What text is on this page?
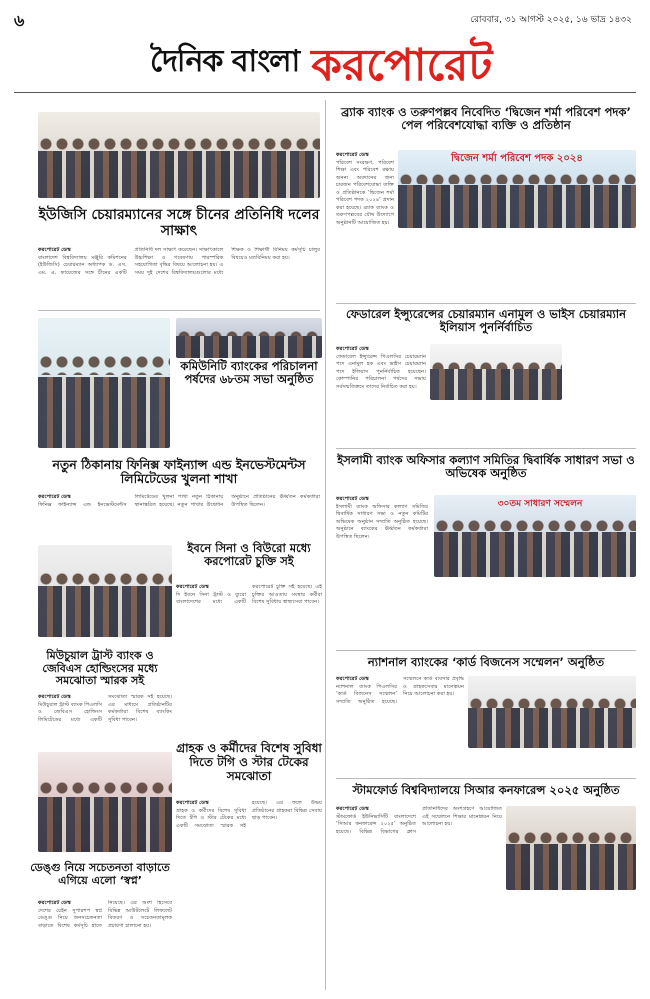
৬	রোববার, ৩১ আগস্ট ২০২৫, ১৬ ভাদ্র ১৪৩২
দৈনিক বাংলা করপোরেট
ইউজিসি চেয়ারম্যানের সঙ্গে চীনের প্রতিনিধি দলের সাক্ষাৎ
করপোরেট ডেস্ক
বাংলাদেশ বিশ্ববিদ্যালয় মঞ্জুরি কমিশনের (ইউজিসি) চেয়ারম্যান অধ্যাপক ড. এস. এম. এ. ফায়েজের সঙ্গে চীনের একটি প্রতিনিধি দল সাক্ষাৎ করেছেন। সাক্ষাৎকালে উচ্চশিক্ষা ও গবেষণায় পারস্পরিক সহযোগিতা বৃদ্ধির বিষয়ে আলোচনা হয়। এ সময় দুই দেশের বিশ্ববিদ্যালয়গুলোর মধ্যে শিক্ষক ও শিক্ষার্থী বিনিময় কর্মসূচি চালুর বিষয়েও মতবিনিময় করা হয়।
নতুন ঠিকানায় ফিনিক্স ফাইন্যান্স এন্ড ইনভেস্টমেন্টস লিমিটেডের খুলনা শাখা
করপোরেট ডেস্ক
ফিনিক্স ফাইন্যান্স এন্ড ইনভেস্টমেন্টস লিমিটেডের খুলনা শাখা নতুন ঠিকানায় স্থানান্তরিত হয়েছে। নতুন শাখার উদ্বোধন অনুষ্ঠানে প্রতিষ্ঠানের ঊর্ধ্বতন কর্মকর্তারা উপস্থিত ছিলেন।
কমিউনিটি ব্যাংকের পরিচালনা পর্ষদের ৬৮তম সভা অনুষ্ঠিত
ইবনে সিনা ও বিউরো মধ্যে করপোরেট চুক্তি সই
করপোরেট ডেস্ক
দি ইবনে সিনা ট্রাস্ট ও ব্যুরো বাংলাদেশের মধ্যে একটি করপোরেট চুক্তি সই হয়েছে। এই চুক্তির আওতায় সংস্থার কর্মীরা বিশেষ সুবিধায় স্বাস্থ্যসেবা পাবেন।
মিউচুয়াল ট্রাস্ট ব্যাংক ও জেবিএস হোল্ডিংসের মধ্যে সমঝোতা স্মারক সই
করপোরেট ডেস্ক
মিউচুয়াল ট্রাস্ট ব্যাংক পিএলসি ও জেবিএস হোল্ডিংস লিমিটেডের মধ্যে একটি সমঝোতা স্মারক সই হয়েছে। এর মাধ্যমে প্রতিষ্ঠানটির কর্মকর্তারা বিশেষ ব্যাংকিং সুবিধা পাবেন।
গ্রাহক ও কর্মীদের বিশেষ সুবিধা দিতে টগি ও স্টার টেকের সমঝোতা
করপোরেট ডেস্ক
গ্রাহক ও কর্মীদের বিশেষ সুবিধা দিতে টগি ও স্টার টেকের মধ্যে একটি সমঝোতা স্মারক সই হয়েছে। এর ফলে উভয় প্রতিষ্ঠানের গ্রাহকরা বিভিন্ন সেবায় ছাড় পাবেন।
ডেঙ্গু নিয়ে সচেতনতা বাড়াতে এগিয়ে এলো ‘স্বপ্ন’
করপোরেট ডেস্ক
দেশের চেইন সুপারশপ স্বপ্ন ডেঙ্গু নিয়ে জনসচেতনতা বাড়াতে বিশেষ কর্মসূচি হাতে নিয়েছে। এর অংশ হিসেবে বিভিন্ন আউটলেটে লিফলেট বিতরণ ও সচেতনতামূলক প্রচারণা চালানো হয়।
ব্র্যাক ব্যাংক ও তরুণপল্লব নিবেদিত ‘দ্বিজেন শর্মা পরিবেশ পদক’ পেল পরিবেশযোদ্ধা ব্যক্তি ও প্রতিষ্ঠান
দ্বিজেন শর্মা পরিবেশ পদক ২০২৪
করপোরেট ডেস্ক
পরিবেশ সংরক্ষণ, পরিবেশ শিক্ষা এবং পরিবেশ রক্ষায় অনন্য অবদানের জন্য চারজন পরিবেশযোদ্ধা ব্যক্তি ও প্রতিষ্ঠানকে ‘দ্বিজেন শর্মা পরিবেশ পদক ২০২৪’ প্রদান করা হয়েছে। ব্র্যাক ব্যাংক ও তরুণপল্লবের যৌথ উদ্যোগে অনুষ্ঠানটি আয়োজিত হয়।
ফেডারেল ইন্স্যুরেন্সের চেয়ারম্যান এনামুল ও ভাইস চেয়ারম্যান ইলিয়াস পুনর্নির্বাচিত
করপোরেট ডেস্ক
ফেডারেল ইন্স্যুরেন্স পিএলসির চেয়ারম্যান পদে এনামুল হক এবং ভাইস চেয়ারম্যান পদে ইলিয়াস পুনর্নির্বাচিত হয়েছেন। কোম্পানির পরিচালনা পর্ষদের সভায় সর্বসম্মতিক্রমে তাদের নির্বাচিত করা হয়।
ইসলামী ব্যাংক অফিসার কল্যাণ সমিতির দ্বিবার্ষিক সাধারণ সভা ও অভিষেক অনুষ্ঠিত
৩০তম সাধারণ সম্মেলন
করপোরেট ডেস্ক
ইসলামী ব্যাংক অফিসার কল্যাণ সমিতির দ্বিবার্ষিক সাধারণ সভা ও নতুন কমিটির অভিষেক অনুষ্ঠান সম্প্রতি অনুষ্ঠিত হয়েছে। অনুষ্ঠানে ব্যাংকের ঊর্ধ্বতন কর্মকর্তারা উপস্থিত ছিলেন।
ন্যাশনাল ব্যাংকের ‘কার্ড বিজনেস সম্মেলন’ অনুষ্ঠিত
করপোরেট ডেস্ক
ন্যাশনাল ব্যাংক পিএলসির ‘কার্ড বিজনেস সম্মেলন’ সম্প্রতি অনুষ্ঠিত হয়েছে। সম্মেলনে কার্ড ব্যবসার প্রবৃদ্ধি ও গ্রাহকসেবার মানোন্নয়ন নিয়ে আলোচনা করা হয়।
স্টামফোর্ড বিশ্ববিদ্যালয়ে সিআর কনফারেন্স ২০২৫ অনুষ্ঠিত
করপোরেট ডেস্ক
স্টামফোর্ড ইউনিভার্সিটি বাংলাদেশে ‘সিআর কনফারেন্স ২০২৫’ অনুষ্ঠিত হয়েছে। বিভিন্ন বিভাগের ক্লাস প্রতিনিধিদের অংশগ্রহণে আয়োজিত এই সম্মেলনে শিক্ষার মানোন্নয়ন নিয়ে আলোচনা হয়।
